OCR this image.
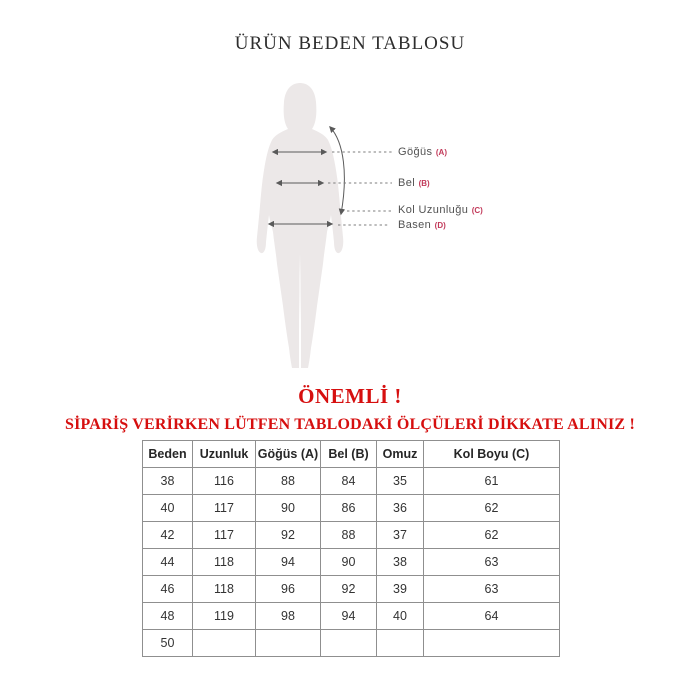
ÜRÜN BEDEN TABLOSU
Göğüs (A)
Bel (B)
Kol Uzunluğu (C)
Basen (D)
ÖNEMLİ !
SİPARİŞ VERİRKEN LÜTFEN TABLODAKİ ÖLÇÜLERİ DİKKATE ALINIZ !
Beden	Uzunluk	Göğüs (A)	Bel (B)	Omuz	Kol Boyu (C)
38	116	88	84	35	61
40	117	90	86	36	62
42	117	92	88	37	62
44	118	94	90	38	63
46	118	96	92	39	63
48	119	98	94	40	64
50					
